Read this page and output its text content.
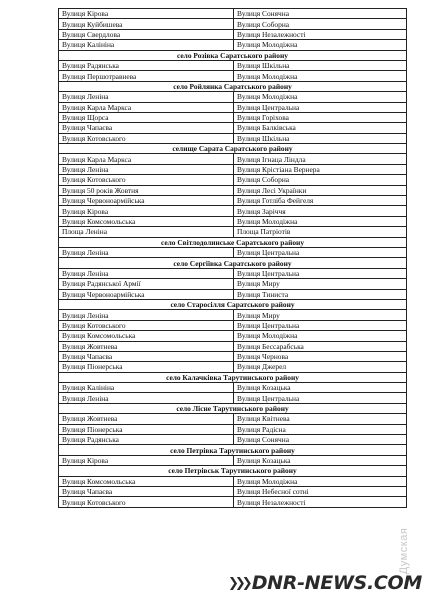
Вулиця Кірова	Вулиця Сонячна
Вулиця Куйбишева	Вулиця Соборна
Вулиця Свердлова	Вулиця Незалежності
Вулиця Калініна	Вулиця Молодіжна
село Розівка Саратського району	
Вулиця Радянська	Вулиця Шкільна
Вулиця Першотравнева	Вулиця Молодіжна
село Ройлянка Саратського району	
Вулиця Леніна	Вулиця Молодіжна
Вулиця Карла Маркса	Вулиця Центральна
Вулиця Щорса	Вулиця Горіхова
Вулиця Чапаєва	Вулиця Балківська
Вулиця Котовського	Вулиця Шкільна
селище Сарата Саратського району	
Вулиця Карла Маркса	Вулиця Ігнаца Ліндла
Вулиця Леніна	Вулиця Крістіана Вернера
Вулиця Котовського	Вулиця Соборна
Вулиця 50 років Жовтня	Вулиця Лесі Українки
Вулиця Червоноармійська	Вулиця Готліба Фейгеля
Вулиця Кірова	Вулиця Заріччя
Вулиця Комсомольська	Вулиця Молодіжна
Площа Леніна	Площа Патріотів
село Світлодолинське Саратського району	
Вулиця Леніна	Вулиця Центральна
село Сергіївка Саратського району	
Вулиця Леніна	Вулиця Центральна
Вулиця Радянської Армії	Вулиця Миру
Вулиця Червоноармійська	Вулиця Тиниста
село Старосілля Саратського району	
Вулиця Леніна	Вулиця Миру
Вулиця Котовського	Вулиця Центральна
Вулиця Комсомольська	Вулиця Молодіжна
Вулиця Жовтнева	Вулиця Бессарабська
Вулиця Чапаєва	Вулиця Чернова
Вулиця Піонерська	Вулиця Джерел
село Калачківка Тарутинського району	
Вулиця Калініна	Вулиця Козацька
Вулиця Леніна	Вулиця Центральна
село Лісне Тарутинського району	
Вулиця Жовтнева	Вулиця Квітнева
Вулиця Піонерська	Вулиця Радісна
Вулиця Радянська	Вулиця Сонячна
село Петрівка Тарутинського району	
Вулиця Кірова	Вулиця Козацька
село Петрівськ Тарутинського району	
Вулиця Комсомольська	Вулиця Молодіжна
Вулиця Чапаєва	Вулиця Небесної сотні
Вулиця Котовського	Вулиця Незалежності
❯❯❯ DNR-NEWS.COM
Думская
